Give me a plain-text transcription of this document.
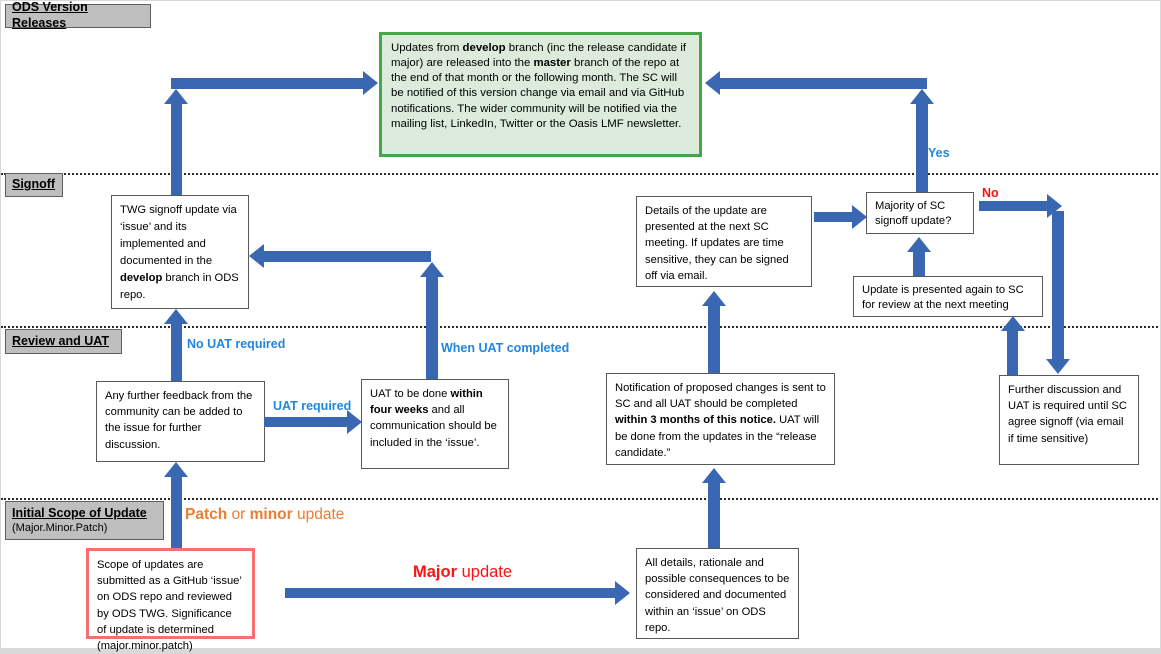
ODS Version Releases
Signoff
Review and UAT
Initial Scope of Update
(Major.Minor.Patch)
Updates from develop branch (inc the release candidate if major) are released into the master branch of the repo at the end of that month or the following month. The SC will be notified of this version change via email and via GitHub notifications. The wider community will be notified via the mailing list, LinkedIn, Twitter or the Oasis LMF newsletter.
TWG signoff update via ‘issue’ and its implemented and documented in the develop branch in ODS repo.
Any further feedback from the community can be added to the issue for further discussion.
UAT to be done within four weeks and all communication should be included in the ‘issue’.
Scope of updates are submitted as a GitHub ‘issue’ on ODS repo and reviewed by ODS TWG. Significance of update is determined (major.minor.patch)
All details, rationale and possible consequences to be considered and documented within an ‘issue’ on ODS repo.
Notification of proposed changes is sent to SC and all UAT should be completed within 3 months of this notice. UAT will be done from the updates in the “release candidate.”
Details of the update are presented at the next SC meeting. If updates are time sensitive, they can be signed off via email.
Majority of SC signoff update?
Update is presented again to SC for review at the next meeting
Further discussion and UAT is required until SC agree signoff (via email if time sensitive)
Patch or minor update
Major update
No UAT required
UAT required
When UAT completed
Yes
No
